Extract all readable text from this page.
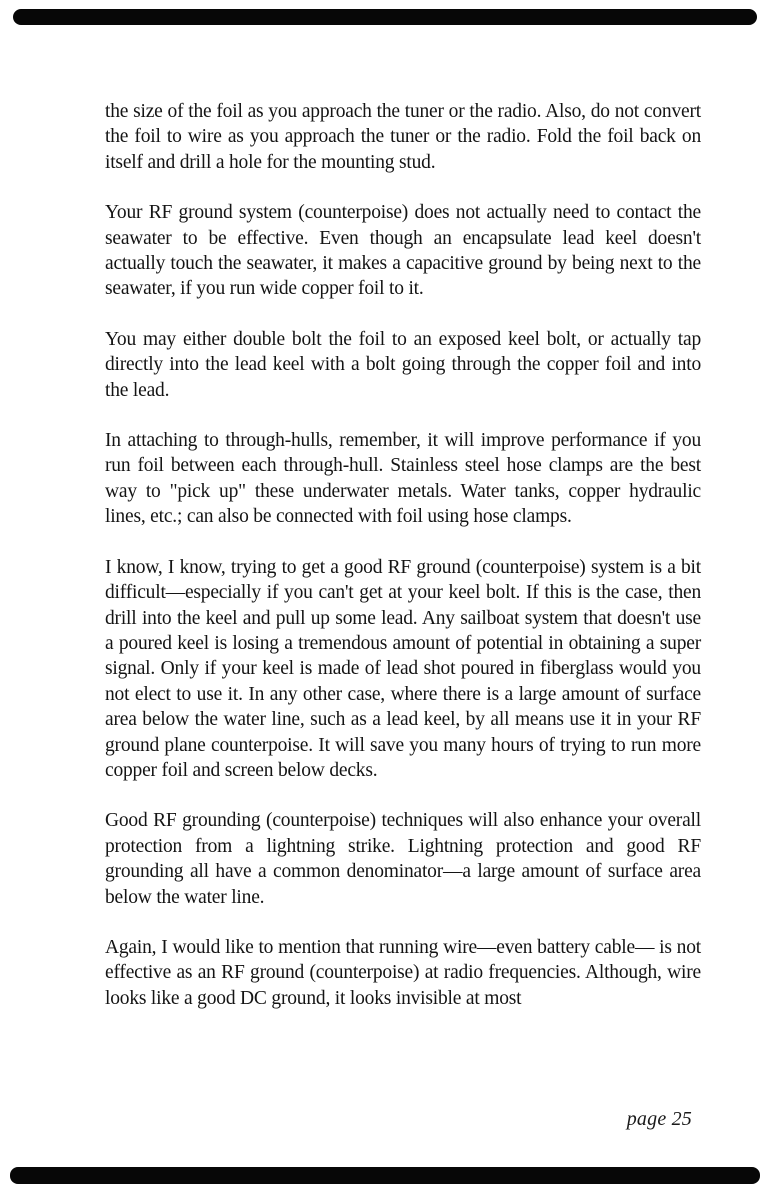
the size of the foil as you approach the tuner or the radio. Also, do not convert the foil to wire as you approach the tuner or the radio. Fold the foil back on itself and drill a hole for the mounting stud.

Your RF ground system (counterpoise) does not actually need to contact the seawater to be effective. Even though an encapsulate lead keel doesn't actually touch the seawater, it makes a capacitive ground by being next to the seawater, if you run wide copper foil to it.

You may either double bolt the foil to an exposed keel bolt, or actually tap directly into the lead keel with a bolt going through the copper foil and into the lead.

In attaching to through-hulls, remember, it will improve performance if you run foil between each through-hull. Stainless steel hose clamps are the best way to "pick up" these underwater metals. Water tanks, copper hydraulic lines, etc.; can also be connected with foil using hose clamps.

I know, I know, trying to get a good RF ground (counterpoise) system is a bit difficult—especially if you can't get at your keel bolt. If this is the case, then drill into the keel and pull up some lead. Any sailboat system that doesn't use a poured keel is losing a tremendous amount of potential in obtaining a super signal. Only if your keel is made of lead shot poured in fiberglass would you not elect to use it. In any other case, where there is a large amount of surface area below the water line, such as a lead keel, by all means use it in your RF ground plane counterpoise. It will save you many hours of trying to run more copper foil and screen below decks.

Good RF grounding (counterpoise) techniques will also enhance your overall protection from a lightning strike. Lightning protection and good RF grounding all have a common denominator—a large amount of surface area below the water line.

Again, I would like to mention that running wire—even battery cable— is not effective as an RF ground (counterpoise) at radio frequencies. Although, wire looks like a good DC ground, it looks invisible at most

page 25
